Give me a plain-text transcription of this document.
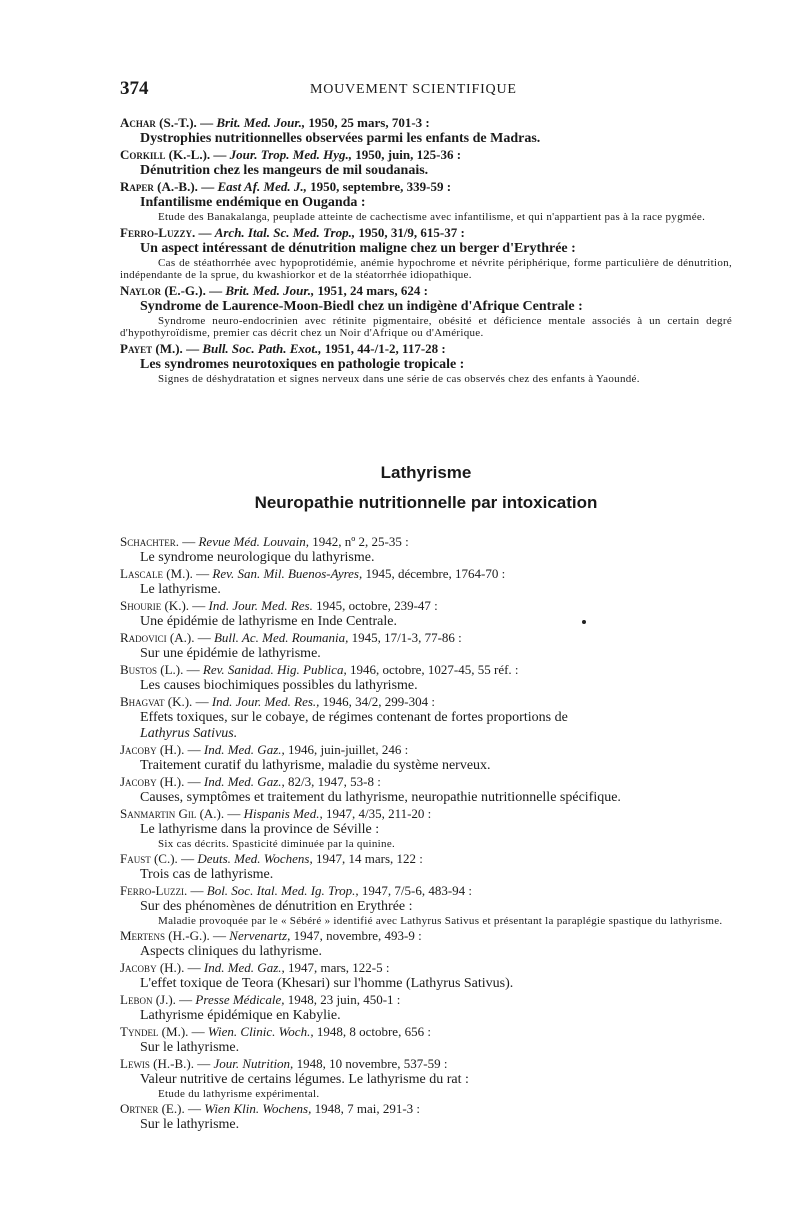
374	MOUVEMENT SCIENTIFIQUE
Achar (S.-T.). — Brit. Med. Jour., 1950, 25 mars, 701-3 :
Dystrophies nutritionnelles observées parmi les enfants de Madras.
Corkill (K.-L.). — Jour. Trop. Med. Hyg., 1950, juin, 125-36 :
Dénutrition chez les mangeurs de mil soudanais.
Raper (A.-B.). — East Af. Med. J., 1950, septembre, 339-59 :
Infantilisme endémique en Ouganda :
Etude des Banakalanga, peuplade atteinte de cachectisme avec infantilisme, et qui n'appartient pas à la race pygmée.
Ferro-Luzzy. — Arch. Ital. Sc. Med. Trop., 1950, 31/9, 615-37 :
Un aspect intéressant de dénutrition maligne chez un berger d'Erythrée :
Cas de stéathorrhée avec hypoprotidémie, anémie hypochrome et névrite périphérique, forme particulière de dénutrition, indépendante de la sprue, du kwashiorkor et de la stéatorrhée idiopathique.
Naylor (E.-G.). — Brit. Med. Jour., 1951, 24 mars, 624 :
Syndrome de Laurence-Moon-Biedl chez un indigène d'Afrique Centrale :
Syndrome neuro-endocrinien avec rétinite pigmentaire, obésité et déficience mentale associés à un certain degré d'hypothyroïdisme, premier cas décrit chez un Noir d'Afrique ou d'Amérique.
Payet (M.). — Bull. Soc. Path. Exot., 1951, 44-/1-2, 117-28 :
Les syndromes neurotoxiques en pathologie tropicale :
Signes de déshydratation et signes nerveux dans une série de cas observés chez des enfants à Yaoundé.
Lathyrisme
Neuropathie nutritionnelle par intoxication
Schachter. — Revue Méd. Louvain, 1942, nº 2, 25-35 :
Le syndrome neurologique du lathyrisme.
Lascale (M.). — Rev. San. Mil. Buenos-Ayres, 1945, décembre, 1764-70 :
Le lathyrisme.
Shourie (K.). — Ind. Jour. Med. Res. 1945, octobre, 239-47 :
Une épidémie de lathyrisme en Inde Centrale.
Radovici (A.). — Bull. Ac. Med. Roumania, 1945, 17/1-3, 77-86 :
Sur une épidémie de lathyrisme.
Bustos (L.). — Rev. Sanidad. Hig. Publica, 1946, octobre, 1027-45, 55 réf. :
Les causes biochimiques possibles du lathyrisme.
Bhagvat (K.). — Ind. Jour. Med. Res., 1946, 34/2, 299-304 :
Effets toxiques, sur le cobaye, de régimes contenant de fortes proportions de
Lathyrus Sativus.
Jacoby (H.). — Ind. Med. Gaz., 1946, juin-juillet, 246 :
Traitement curatif du lathyrisme, maladie du système nerveux.
Jacoby (H.). — Ind. Med. Gaz., 82/3, 1947, 53-8 :
Causes, symptômes et traitement du lathyrisme, neuropathie nutritionnelle spécifique.
Sanmartin Gil (A.). — Hispanis Med., 1947, 4/35, 211-20 :
Le lathyrisme dans la province de Séville :
Six cas décrits. Spasticité diminuée par la quinine.
Faust (C.). — Deuts. Med. Wochens, 1947, 14 mars, 122 :
Trois cas de lathyrisme.
Ferro-Luzzi. — Bol. Soc. Ital. Med. Ig. Trop., 1947, 7/5-6, 483-94 :
Sur des phénomènes de dénutrition en Erythrée :
Maladie provoquée par le « Sébéré » identifié avec Lathyrus Sativus et présentant la paraplégie spastique du lathyrisme.
Mertens (H.-G.). — Nervenartz, 1947, novembre, 493-9 :
Aspects cliniques du lathyrisme.
Jacoby (H.). — Ind. Med. Gaz., 1947, mars, 122-5 :
L'effet toxique de Teora (Khesari) sur l'homme (Lathyrus Sativus).
Lebon (J.). — Presse Médicale, 1948, 23 juin, 450-1 :
Lathyrisme épidémique en Kabylie.
Tyndel (M.). — Wien. Clinic. Woch., 1948, 8 octobre, 656 :
Sur le lathyrisme.
Lewis (H.-B.). — Jour. Nutrition, 1948, 10 novembre, 537-59 :
Valeur nutritive de certains légumes. Le lathyrisme du rat :
Etude du lathyrisme expérimental.
Ortner (E.). — Wien Klin. Wochens, 1948, 7 mai, 291-3 :
Sur le lathyrisme.
